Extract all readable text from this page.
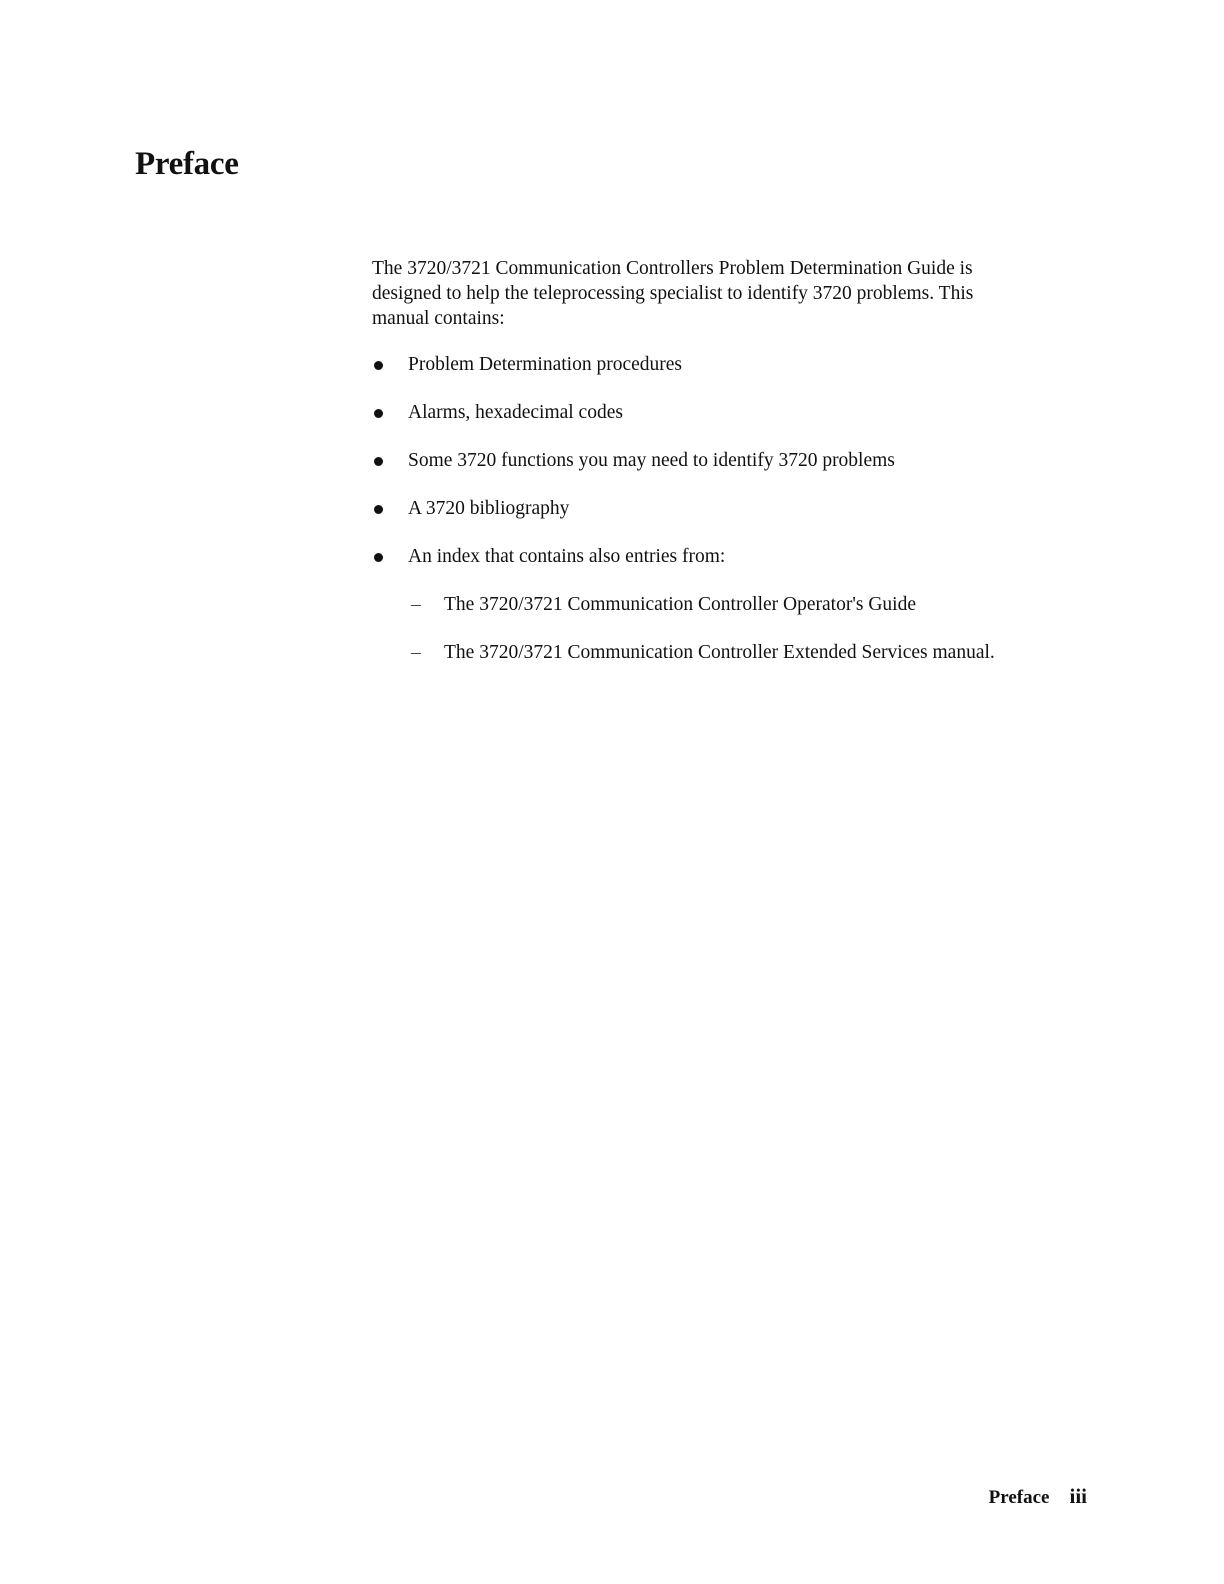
Preface

The 3720/3721 Communication Controllers Problem Determination Guide is
designed to help the teleprocessing specialist to identify 3720 problems. This
manual contains:

Problem Determination procedures
Alarms, hexadecimal codes
Some 3720 functions you may need to identify 3720 problems
A 3720 bibliography
An index that contains also entries from:
– The 3720/3721 Communication Controller Operator's Guide
– The 3720/3721 Communication Controller Extended Services manual.
Preface iii
